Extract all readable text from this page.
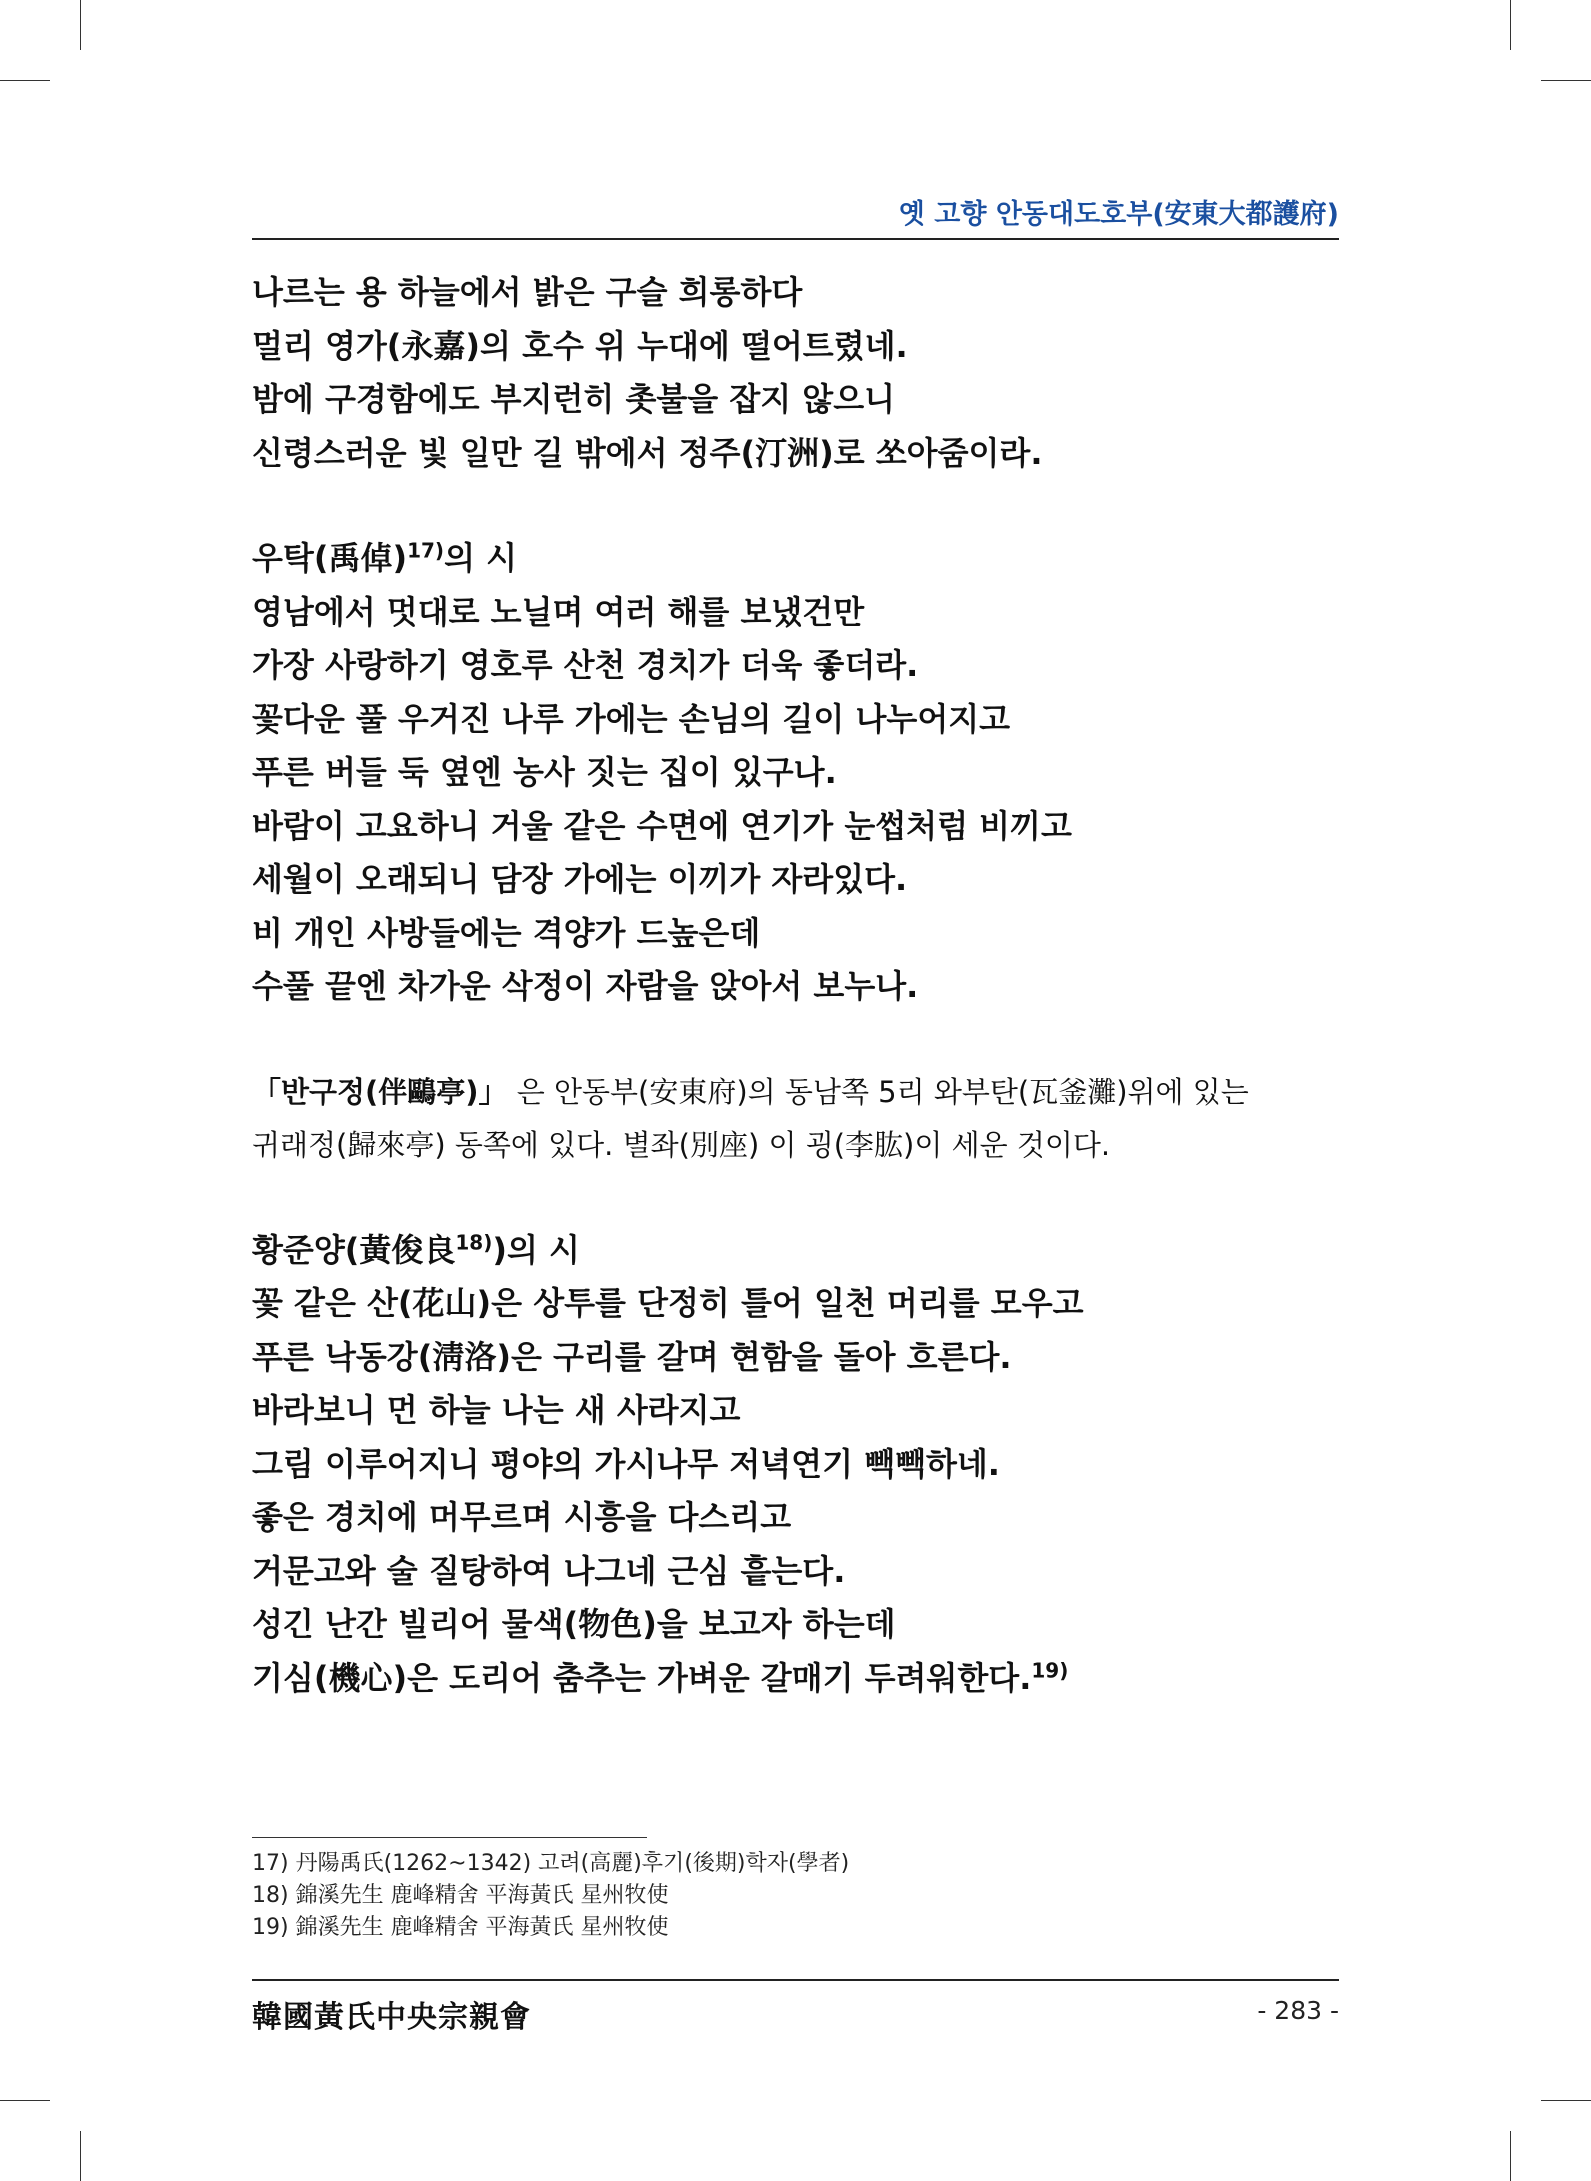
옛 고향 안동대도호부(安東大都護府)
나르는 용 하늘에서 밝은 구슬 희롱하다
멀리 영가(永嘉)의 호수 위 누대에 떨어트렸네.
밤에 구경함에도 부지런히 촛불을 잡지 않으니
신령스러운 빛 일만 길 밖에서 정주(汀洲)로 쏘아줌이라.
우탁(禹倬)$^{17)}$의 시
영남에서 멋대로 노닐며 여러 해를 보냈건만
가장 사랑하기 영호루 산천 경치가 더욱 좋더라.
꽃다운 풀 우거진 나루 가에는 손님의 길이 나누어지고
푸른 버들 둑 옆엔 농사 짓는 집이 있구나.
바람이 고요하니 거울 같은 수면에 연기가 눈썹처럼 비끼고
세월이 오래되니 담장 가에는 이끼가 자라있다.
비 개인 사방들에는 격양가 드높은데
수풀 끝엔 차가운 삭정이 자람을 앉아서 보누나.
「반구정(伴鷗亭)」 은 안동부(安東府)의 동남쪽 5리 와부탄(瓦釜灘)위에 있는
귀래정(歸來亭) 동쪽에 있다. 별좌(別座) 이 굉(李肱)이 세운 것이다.
황준양(黃俊良$^{18)}$)의 시
꽃 같은 산(花山)은 상투를 단정히 틀어 일천 머리를 모우고
푸른 낙동강(淸洛)은 구리를 갈며 현함을 돌아 흐른다.
바라보니 먼 하늘 나는 새 사라지고
그림 이루어지니 평야의 가시나무 저녁연기 빽빽하네.
좋은 경치에 머무르며 시흥을 다스리고
거문고와 술 질탕하여 나그네 근심 흩는다.
성긴 난간 빌리어 물색(物色)을 보고자 하는데
기심(機心)은 도리어 춤추는 가벼운 갈매기 두려워한다.$^{19)}$
17) 丹陽禹氏(1262~1342) 고려(高麗)후기(後期)학자(學者)
18) 錦溪先生 鹿峰精舍 平海黃氏 星州牧使
19) 錦溪先生 鹿峰精舍 平海黃氏 星州牧使
韓國黃氏中央宗親會	- 283 -
